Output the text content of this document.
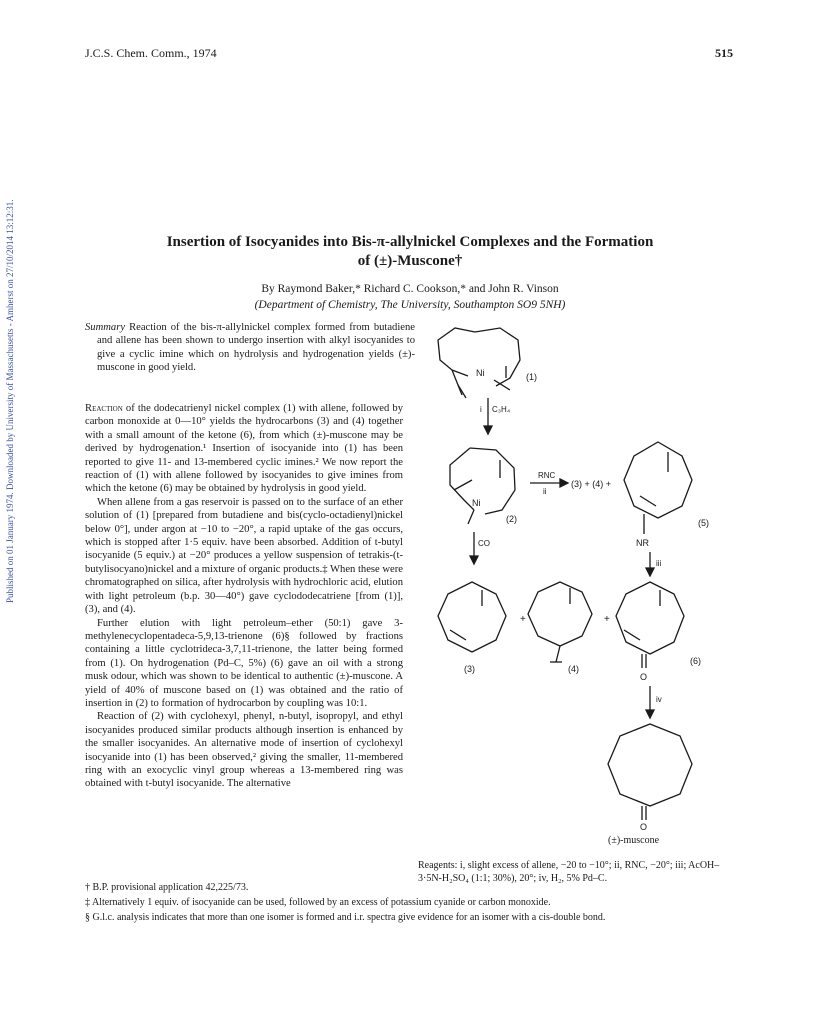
Published on 01 January 1974. Downloaded by University of Massachusetts - Amherst on 27/10/2014 13:12:31.
J.C.S. Chem. Comm., 1974	515
Insertion of Isocyanides into Bis-π-allylnickel Complexes and the Formation
of (±)-Muscone†
By Raymond Baker,* Richard C. Cookson,* and John R. Vinson
(Department of Chemistry, The University, Southampton SO9 5NH)
Summary Reaction of the bis-π-allylnickel complex formed from butadiene and allene has been shown to undergo insertion with alkyl isocyanides to give a cyclic imine which on hydrolysis and hydrogenation yields (±)-muscone in good yield.

Reaction of the dodecatrienyl nickel complex (1) with allene, followed by carbon monoxide at 0—10° yields the hydrocarbons (3) and (4) together with a small amount of the ketone (6), from which (±)-muscone may be derived by hydrogenation.¹ Insertion of isocyanide into (1) has been reported to give 11- and 13-membered cyclic imines.² We now report the reaction of (1) with allene followed by isocyanides to give imines from which the ketone (6) may be obtained by hydrolysis in good yield.

When allene from a gas reservoir is passed on to the surface of an ether solution of (1) [prepared from butadiene and bis(cyclo-octadienyl)nickel below 0°], under argon at −10 to −20°, a rapid uptake of the gas occurs, which is stopped after 1·5 equiv. have been absorbed. Addition of t-butyl isocyanide (5 equiv.) at −20° produces a yellow suspension of tetrakis-(t-butylisocyano)nickel and a mixture of organic products.‡ When these were chromatographed on silica, after hydrolysis with hydrochloric acid, elution with light petroleum (b.p. 30—40°) gave cyclododecatriene [from (1)], (3), and (4).

Further elution with light petroleum–ether (50:1) gave 3-methylenecyclopentadeca-5,9,13-trienone (6)§ followed by fractions containing a little cyclotrideca-3,7,11-trienone, the latter being formed from (1). On hydrogenation (Pd–C, 5%) (6) gave an oil with a strong musk odour, which was shown to be identical to authentic (±)-muscone. A yield of 40% of muscone based on (1) was obtained and the ratio of insertion in (2) to formation of hydrocarbon by coupling was 10:1.

Reaction of (2) with cyclohexyl, phenyl, n-butyl, isopropyl, and ethyl isocyanides produced similar products although insertion is enhanced by the smaller isocyanides. An alternative mode of insertion of cyclohexyl isocyanide into (1) has been observed,² giving the smaller, 11-membered ring with an exocyclic vinyl group whereas a 13-membered ring was obtained with t-butyl isocyanide. The alternative

Ni	(1)
i C₃H₄
Ni
(2)
RNC
ii
(3) + (4) +
(5)
NR
CO
iii
(3)
+
(4)
+
O
(6)
iv
O
(±)-muscone
Reagents: i, slight excess of allene, −20 to −10°; ii, RNC, −20°; iii; AcOH–3·5N-H₂SO₄ (1:1; 30%), 20°; iv, H₂, 5% Pd–C.
† B.P. provisional application 42,225/73.
‡ Alternatively 1 equiv. of isocyanide can be used, followed by an excess of potassium cyanide or carbon monoxide.
§ G.l.c. analysis indicates that more than one isomer is formed and i.r. spectra give evidence for an isomer with a cis-double bond.
